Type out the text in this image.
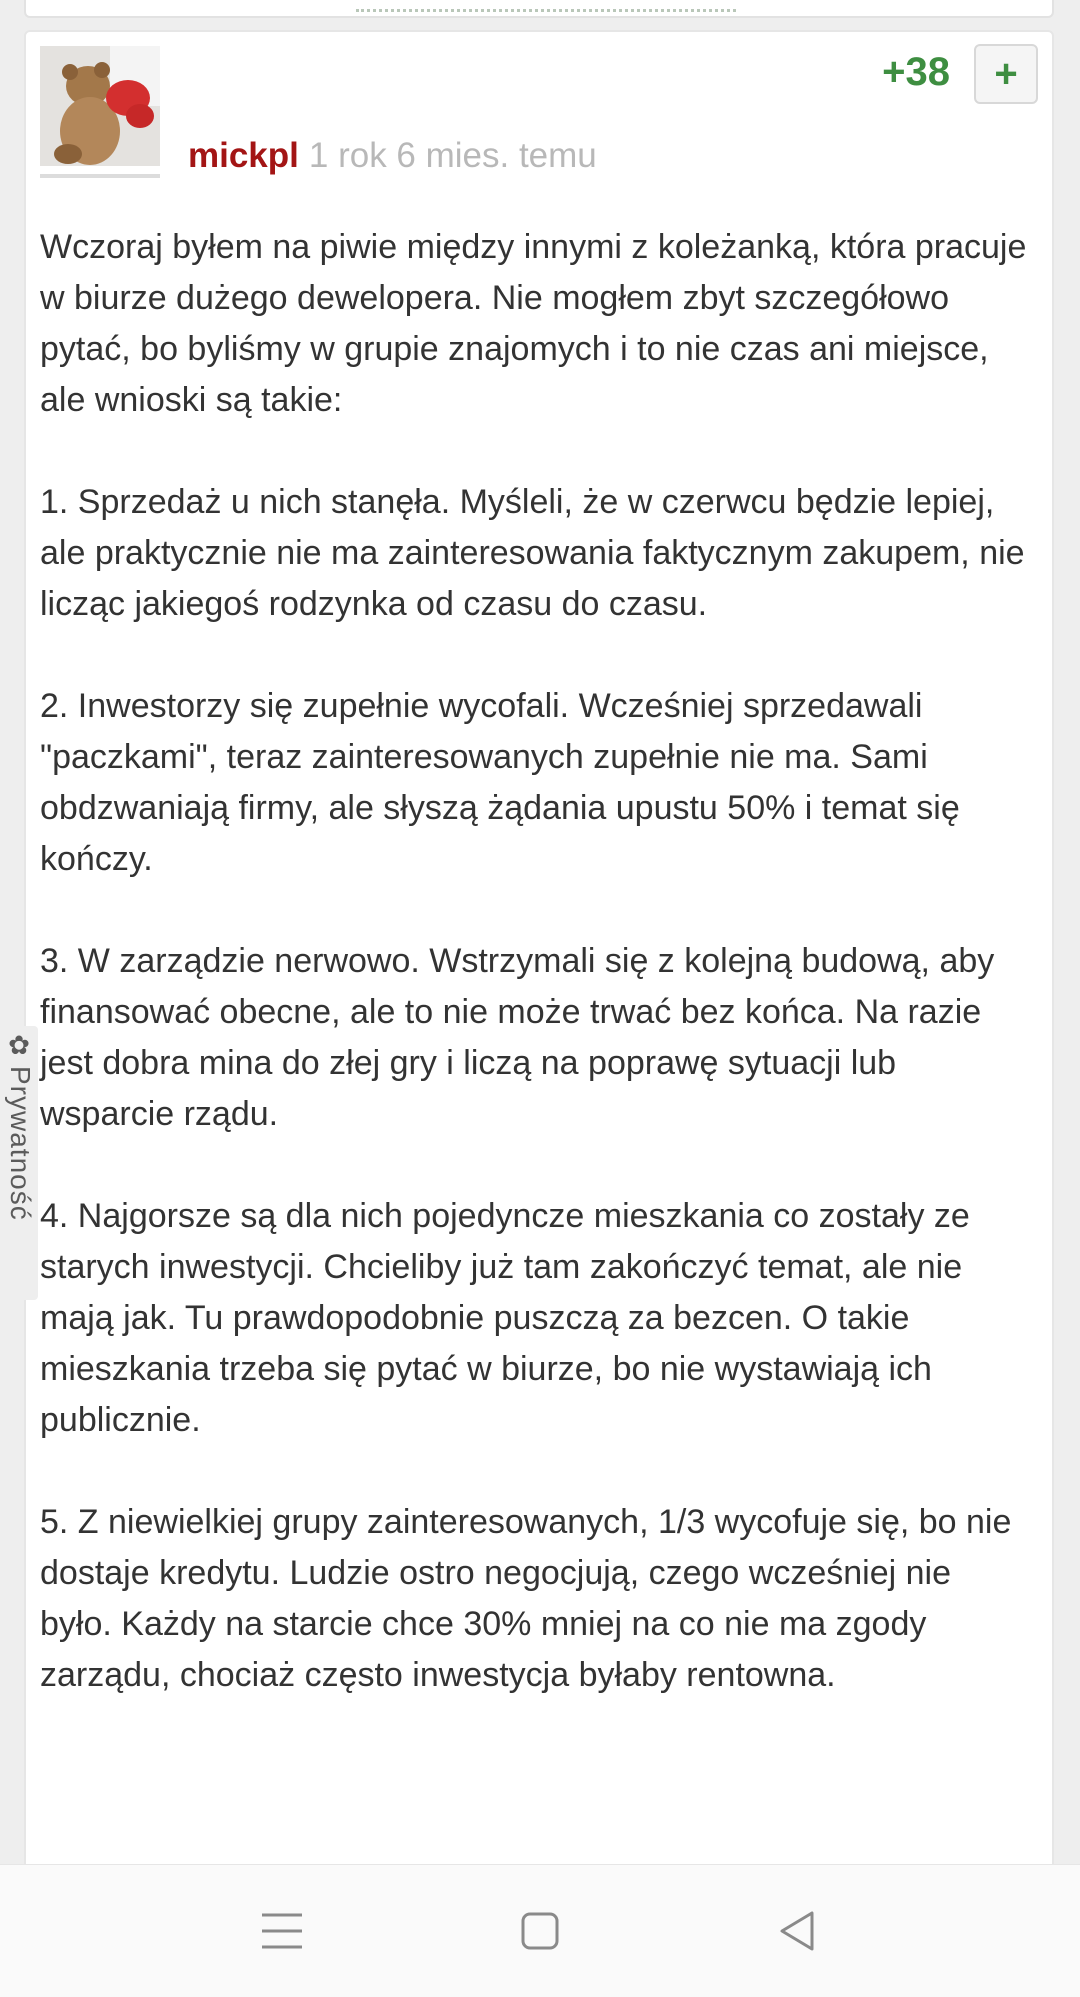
+38 +
mickpl 1 rok 6 mies. temu

Wczoraj byłem na piwie między innymi z koleżanką, która pracuje w biurze dużego dewelopera. Nie mogłem zbyt szczegółowo pytać, bo byliśmy w grupie znajomych i to nie czas ani miejsce, ale wnioski są takie:

1. Sprzedaż u nich stanęła. Myśleli, że w czerwcu będzie lepiej, ale praktycznie nie ma zainteresowania faktycznym zakupem, nie licząc jakiegoś rodzynka od czasu do czasu.

2. Inwestorzy się zupełnie wycofali. Wcześniej sprzedawali "paczkami", teraz zainteresowanych zupełnie nie ma. Sami obdzwaniają firmy, ale słyszą żądania upustu 50% i temat się kończy.

3. W zarządzie nerwowo. Wstrzymali się z kolejną budową, aby finansować obecne, ale to nie może trwać bez końca. Na razie jest dobra mina do złej gry i liczą na poprawę sytuacji lub wsparcie rządu.

4. Najgorsze są dla nich pojedyncze mieszkania co zostały ze starych inwestycji. Chcieliby już tam zakończyć temat, ale nie mają jak. Tu prawdopodobnie puszczą za bezcen. O takie mieszkania trzeba się pytać w biurze, bo nie wystawiają ich publicznie.

5. Z niewielkiej grupy zainteresowanych, 1/3 wycofuje się, bo nie dostaje kredytu. Ludzie ostro negocjują, czego wcześniej nie było. Każdy na starcie chce 30% mniej na co nie ma zgody zarządu, chociaż często inwestycja byłaby rentowna.

✿
Prywatność
